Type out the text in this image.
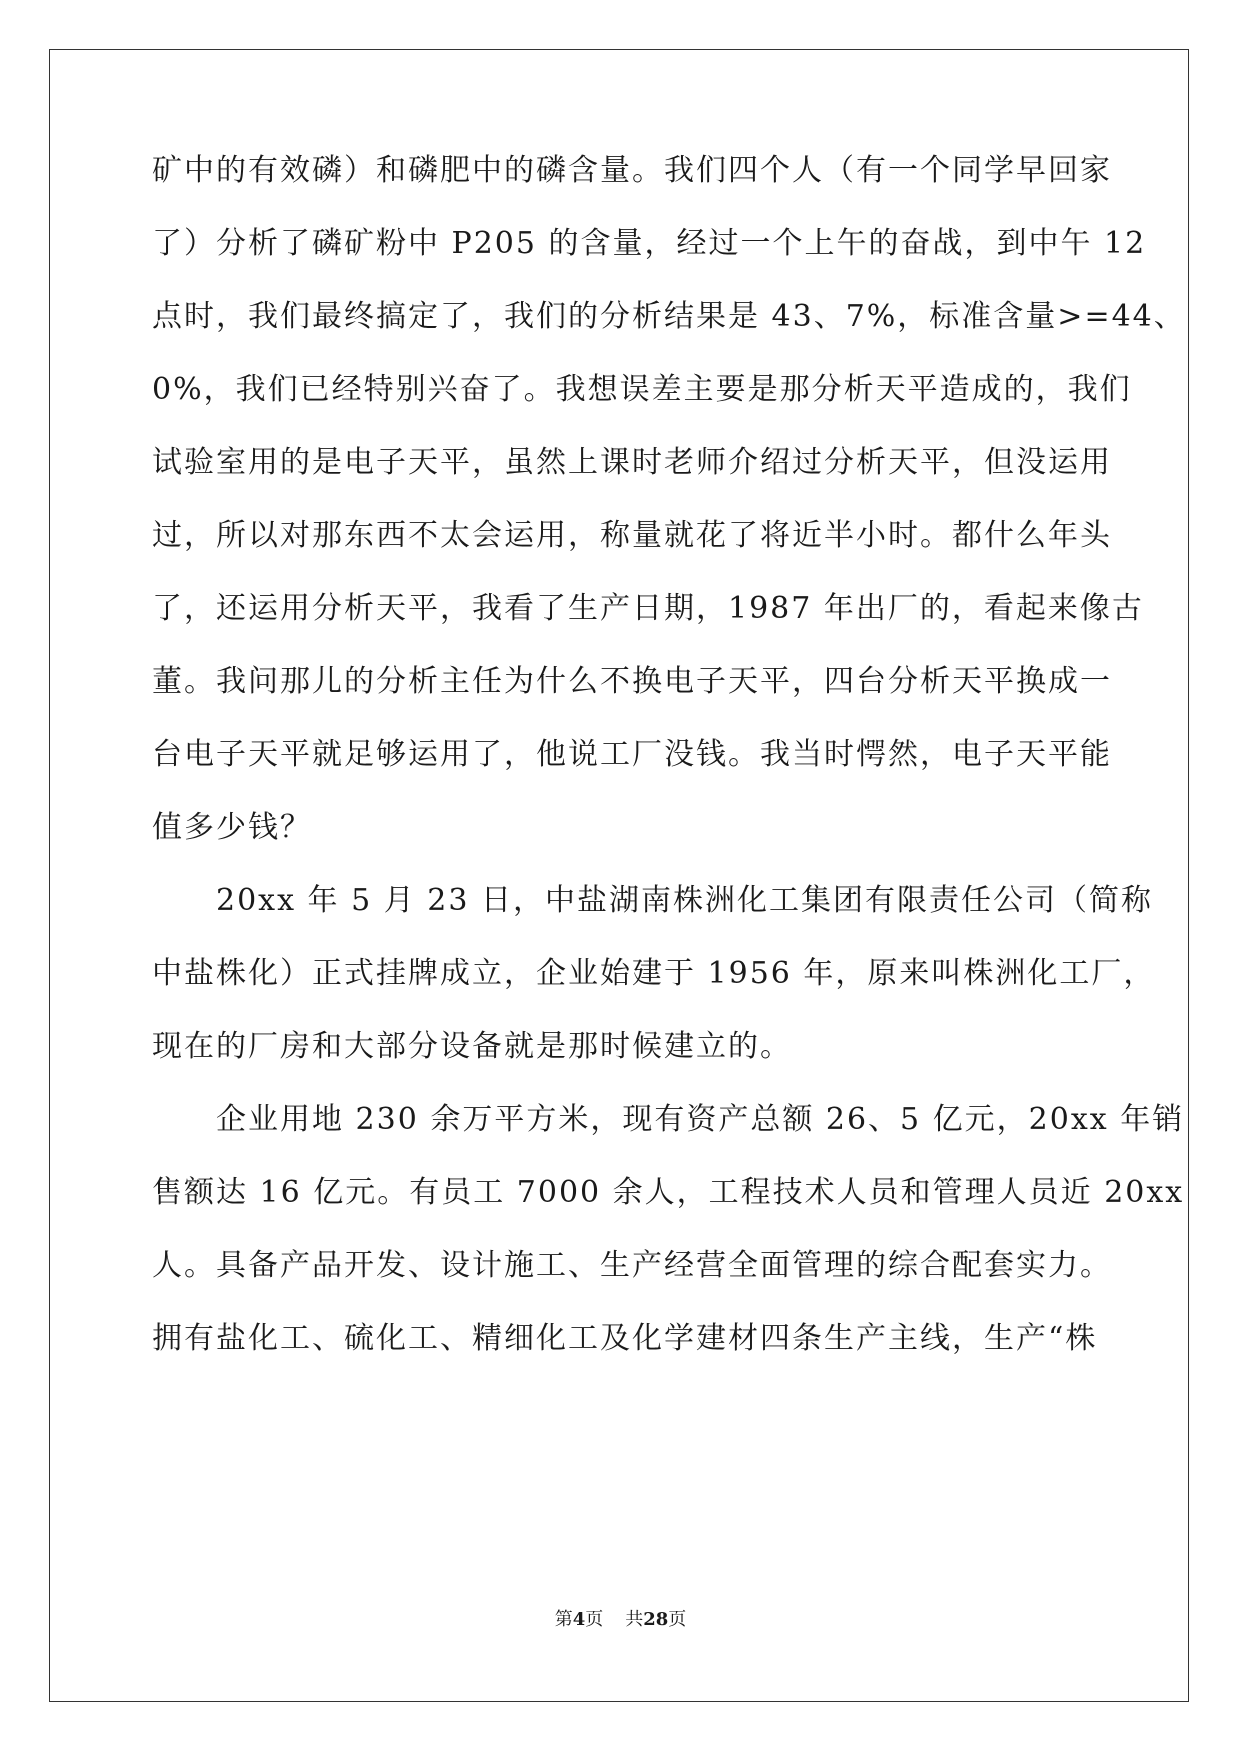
矿中的有效磷）和磷肥中的磷含量。我们四个人（有一个同学早回家
了）分析了磷矿粉中 P205 的含量，经过一个上午的奋战，到中午 12
点时，我们最终搞定了，我们的分析结果是 43、7%，标准含量>=44、
0%，我们已经特别兴奋了。我想误差主要是那分析天平造成的，我们
试验室用的是电子天平，虽然上课时老师介绍过分析天平，但没运用
过，所以对那东西不太会运用，称量就花了将近半小时。都什么年头
了，还运用分析天平，我看了生产日期，1987 年出厂的，看起来像古
董。我问那儿的分析主任为什么不换电子天平，四台分析天平换成一
台电子天平就足够运用了，他说工厂没钱。我当时愕然，电子天平能
值多少钱？
　　20xx 年 5 月 23 日，中盐湖南株洲化工集团有限责任公司（简称
中盐株化）正式挂牌成立，企业始建于 1956 年，原来叫株洲化工厂，
现在的厂房和大部分设备就是那时候建立的。
　　企业用地 230 余万平方米，现有资产总额 26、5 亿元，20xx 年销
售额达 16 亿元。有员工 7000 余人，工程技术人员和管理人员近 20xx
人。具备产品开发、设计施工、生产经营全面管理的综合配套实力。
拥有盐化工、硫化工、精细化工及化学建材四条生产主线，生产“株
第4页 共28页
